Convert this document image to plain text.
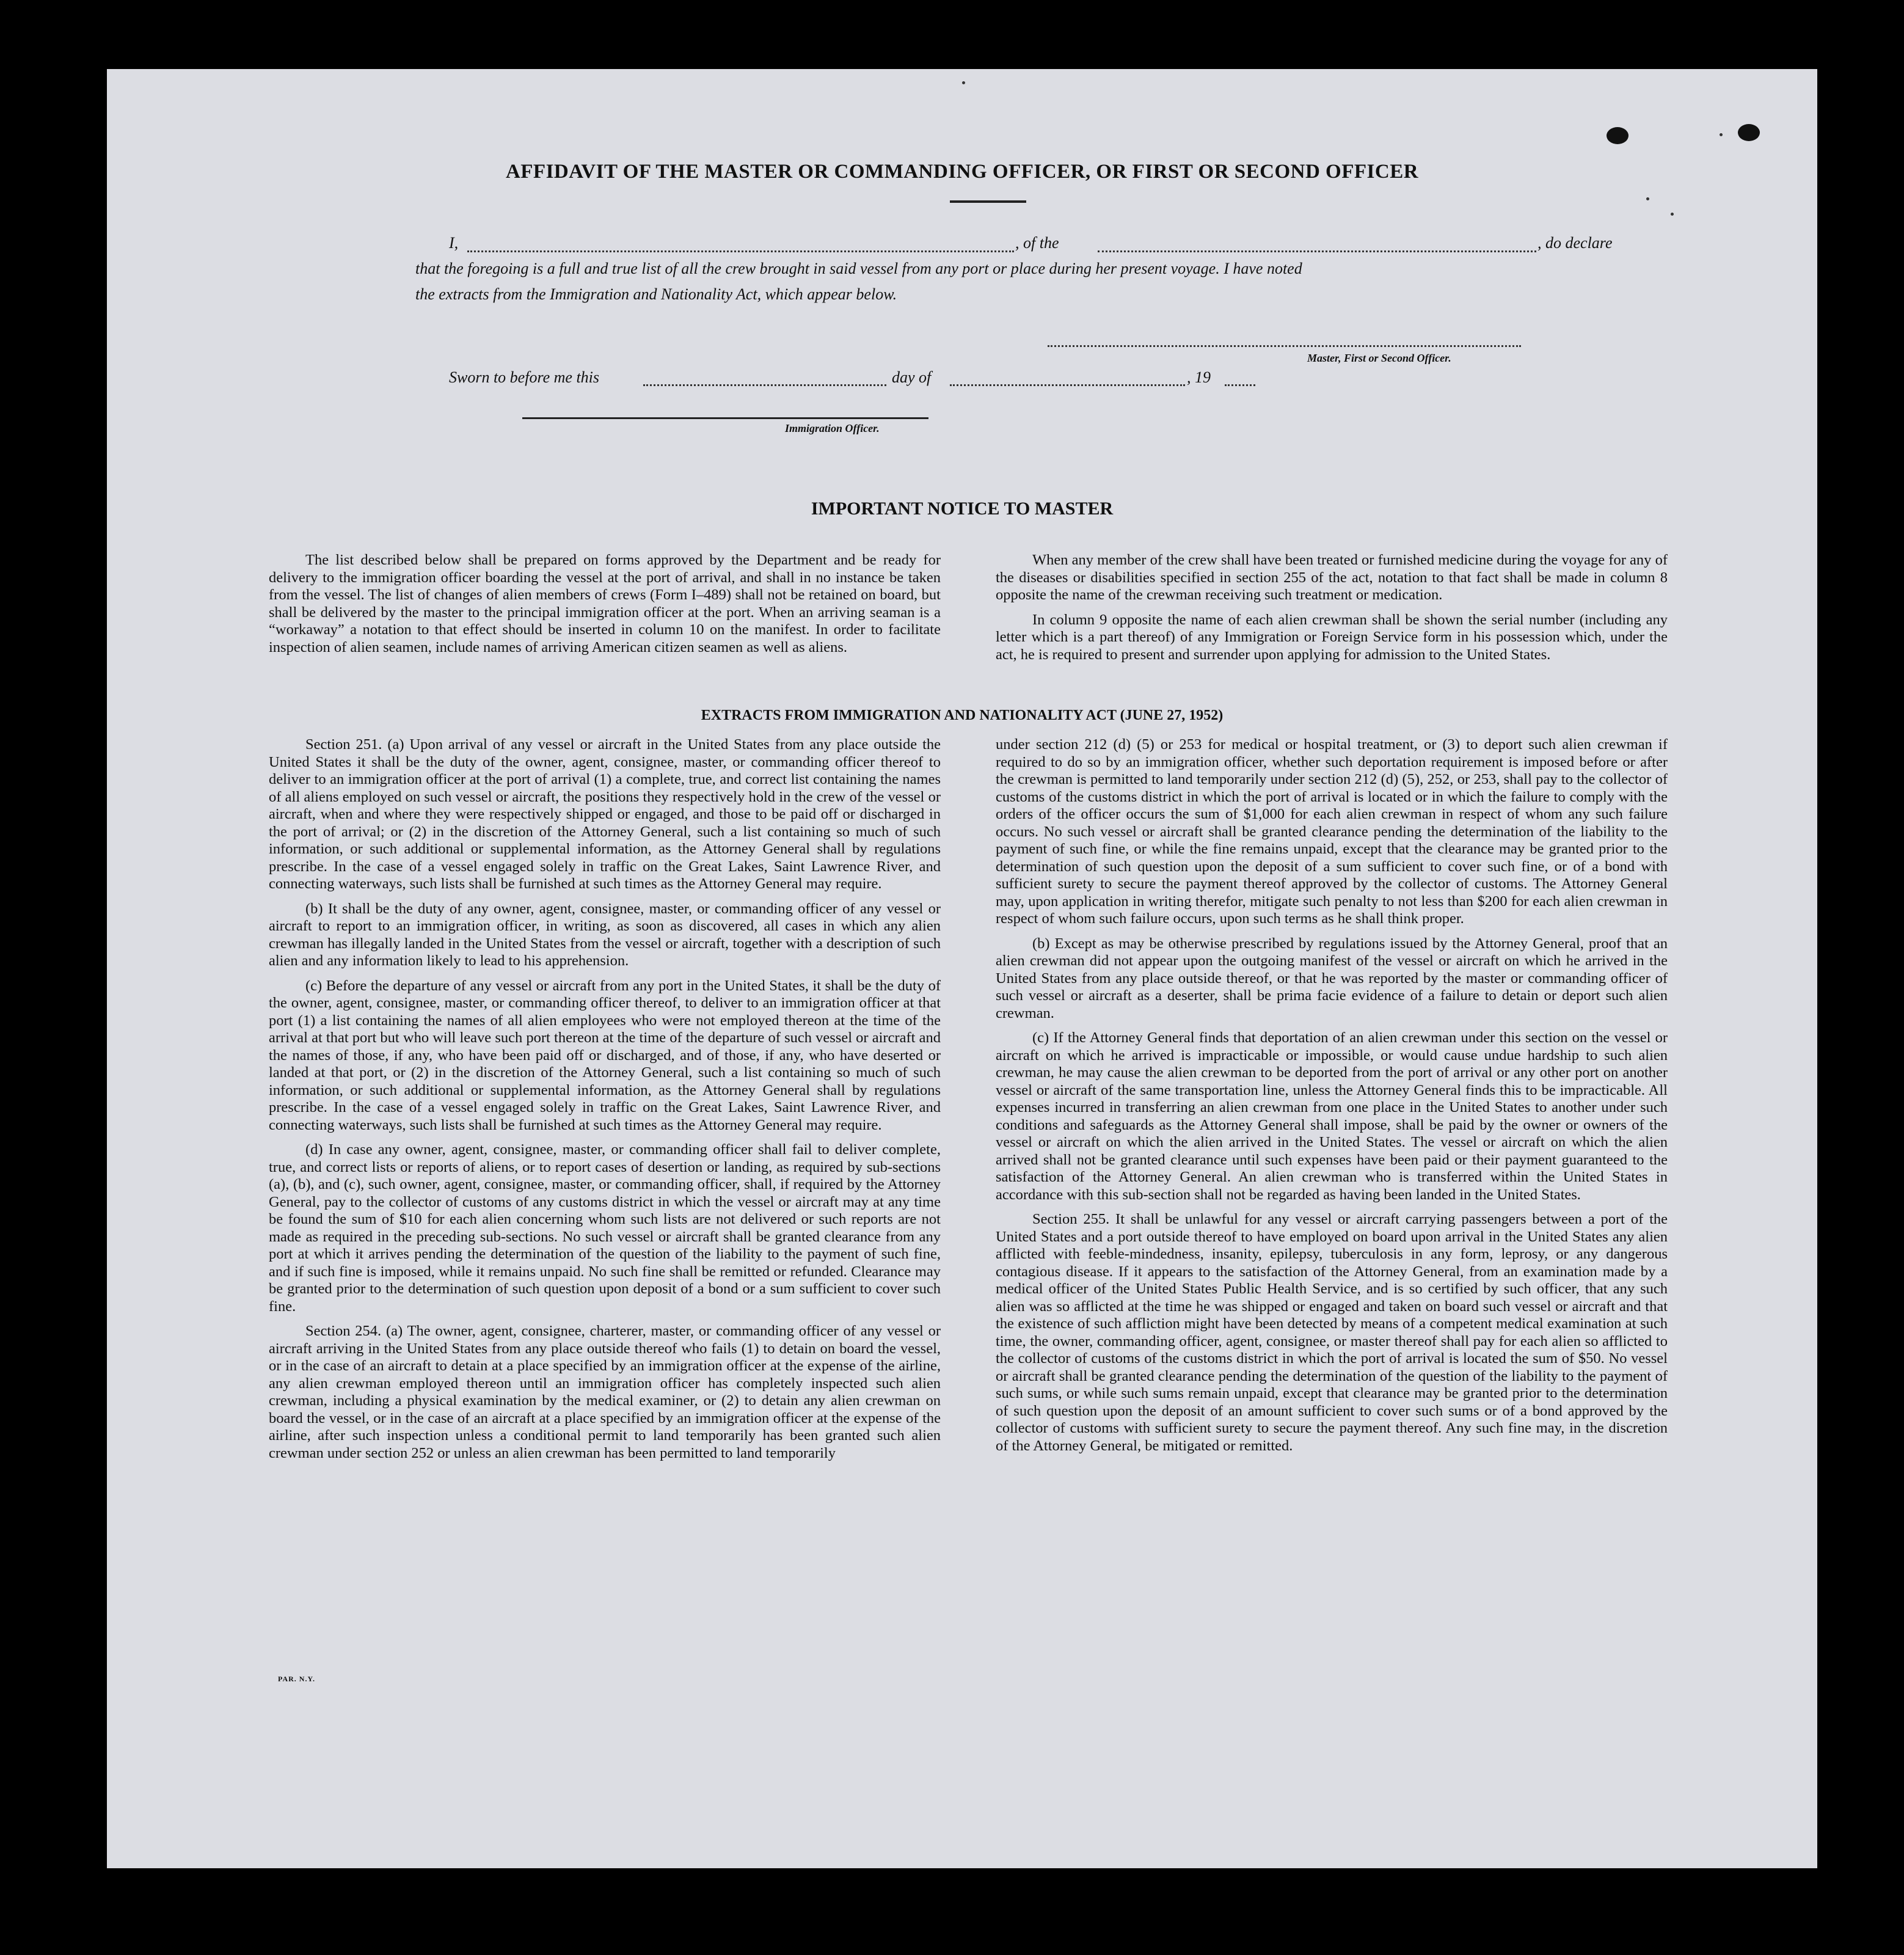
AFFIDAVIT OF THE MASTER OR COMMANDING OFFICER, OR FIRST OR SECOND OFFICER
I,	, of the	, do declare
that the foregoing is a full and true list of all the crew brought in said vessel from any port or place during her present voyage. I have noted
the extracts from the Immigration and Nationality Act, which appear below.
Master, First or Second Officer.
Sworn to before me this	day of	, 19
Immigration Officer.
IMPORTANT NOTICE TO MASTER

The list described below shall be prepared on forms approved by the Department and be ready for delivery to the immigration officer boarding the vessel at the port of arrival, and shall in no instance be taken from the vessel. The list of changes of alien members of crews (Form I–489) shall not be retained on board, but shall be delivered by the master to the principal immigration officer at the port. When an arriving seaman is a “workaway” a notation to that effect should be inserted in column 10 on the manifest. In order to facilitate inspection of alien seamen, include names of arriving American citizen seamen as well as aliens.

When any member of the crew shall have been treated or furnished medicine during the voyage for any of the diseases or disabilities specified in section 255 of the act, notation to that fact shall be made in column 8 opposite the name of the crewman receiving such treatment or medication.

In column 9 opposite the name of each alien crewman shall be shown the serial number (including any letter which is a part thereof) of any Immigration or Foreign Service form in his possession which, under the act, he is required to present and surrender upon applying for admission to the United States.

EXTRACTS FROM IMMIGRATION AND NATIONALITY ACT (JUNE 27, 1952)

Section 251. (a) Upon arrival of any vessel or aircraft in the United States from any place outside the United States it shall be the duty of the owner, agent, consignee, master, or commanding officer thereof to deliver to an immigration officer at the port of arrival (1) a complete, true, and correct list containing the names of all aliens employed on such vessel or aircraft, the positions they respectively hold in the crew of the vessel or aircraft, when and where they were respectively shipped or engaged, and those to be paid off or discharged in the port of arrival; or (2) in the discretion of the Attorney General, such a list containing so much of such information, or such additional or supplemental information, as the Attorney General shall by regulations prescribe. In the case of a vessel engaged solely in traffic on the Great Lakes, Saint Lawrence River, and connecting waterways, such lists shall be furnished at such times as the Attorney General may require.

(b) It shall be the duty of any owner, agent, consignee, master, or commanding officer of any vessel or aircraft to report to an immigration officer, in writing, as soon as discovered, all cases in which any alien crewman has illegally landed in the United States from the vessel or aircraft, together with a description of such alien and any information likely to lead to his apprehension.

(c) Before the departure of any vessel or aircraft from any port in the United States, it shall be the duty of the owner, agent, consignee, master, or commanding officer thereof, to deliver to an immigration officer at that port (1) a list containing the names of all alien employees who were not employed thereon at the time of the arrival at that port but who will leave such port thereon at the time of the departure of such vessel or aircraft and the names of those, if any, who have been paid off or discharged, and of those, if any, who have deserted or landed at that port, or (2) in the discretion of the Attorney General, such a list containing so much of such information, or such additional or supplemental information, as the Attorney General shall by regulations prescribe. In the case of a vessel engaged solely in traffic on the Great Lakes, Saint Lawrence River, and connecting waterways, such lists shall be furnished at such times as the Attorney General may require.

(d) In case any owner, agent, consignee, master, or commanding officer shall fail to deliver complete, true, and correct lists or reports of aliens, or to report cases of desertion or landing, as required by sub-sections (a), (b), and (c), such owner, agent, consignee, master, or commanding officer, shall, if required by the Attorney General, pay to the collector of customs of any customs district in which the vessel or aircraft may at any time be found the sum of $10 for each alien concerning whom such lists are not delivered or such reports are not made as required in the preceding sub-sections. No such vessel or aircraft shall be granted clearance from any port at which it arrives pending the determination of the question of the liability to the payment of such fine, and if such fine is imposed, while it remains unpaid. No such fine shall be remitted or refunded. Clearance may be granted prior to the determination of such question upon deposit of a bond or a sum sufficient to cover such fine.

Section 254. (a) The owner, agent, consignee, charterer, master, or commanding officer of any vessel or aircraft arriving in the United States from any place outside thereof who fails (1) to detain on board the vessel, or in the case of an aircraft to detain at a place specified by an immigration officer at the expense of the airline, any alien crewman employed thereon until an immigration officer has completely inspected such alien crewman, including a physical examination by the medical examiner, or (2) to detain any alien crewman on board the vessel, or in the case of an aircraft at a place specified by an immigration officer at the expense of the airline, after such inspection unless a conditional permit to land temporarily has been granted such alien crewman under section 252 or unless an alien crewman has been permitted to land temporarily

under section 212 (d) (5) or 253 for medical or hospital treatment, or (3) to deport such alien crewman if required to do so by an immigration officer, whether such deportation requirement is imposed before or after the crewman is permitted to land temporarily under section 212 (d) (5), 252, or 253, shall pay to the collector of customs of the customs district in which the port of arrival is located or in which the failure to comply with the orders of the officer occurs the sum of $1,000 for each alien crewman in respect of whom any such failure occurs. No such vessel or aircraft shall be granted clearance pending the determination of the liability to the payment of such fine, or while the fine remains unpaid, except that the clearance may be granted prior to the determination of such question upon the deposit of a sum sufficient to cover such fine, or of a bond with sufficient surety to secure the payment thereof approved by the collector of customs. The Attorney General may, upon application in writing therefor, mitigate such penalty to not less than $200 for each alien crewman in respect of whom such failure occurs, upon such terms as he shall think proper.

(b) Except as may be otherwise prescribed by regulations issued by the Attorney General, proof that an alien crewman did not appear upon the outgoing manifest of the vessel or aircraft on which he arrived in the United States from any place outside thereof, or that he was reported by the master or commanding officer of such vessel or aircraft as a deserter, shall be prima facie evidence of a failure to detain or deport such alien crewman.

(c) If the Attorney General finds that deportation of an alien crewman under this section on the vessel or aircraft on which he arrived is impracticable or impossible, or would cause undue hardship to such alien crewman, he may cause the alien crewman to be deported from the port of arrival or any other port on another vessel or aircraft of the same transportation line, unless the Attorney General finds this to be impracticable. All expenses incurred in transferring an alien crewman from one place in the United States to another under such conditions and safeguards as the Attorney General shall impose, shall be paid by the owner or owners of the vessel or aircraft on which the alien arrived in the United States. The vessel or aircraft on which the alien arrived shall not be granted clearance until such expenses have been paid or their payment guaranteed to the satisfaction of the Attorney General. An alien crewman who is transferred within the United States in accordance with this sub-section shall not be regarded as having been landed in the United States.

Section 255. It shall be unlawful for any vessel or aircraft carrying passengers between a port of the United States and a port outside thereof to have employed on board upon arrival in the United States any alien afflicted with feeble-mindedness, insanity, epilepsy, tuberculosis in any form, leprosy, or any dangerous contagious disease. If it appears to the satisfaction of the Attorney General, from an examination made by a medical officer of the United States Public Health Service, and is so certified by such officer, that any such alien was so afflicted at the time he was shipped or engaged and taken on board such vessel or aircraft and that the existence of such affliction might have been detected by means of a competent medical examination at such time, the owner, commanding officer, agent, consignee, or master thereof shall pay for each alien so afflicted to the collector of customs of the customs district in which the port of arrival is located the sum of $50. No vessel or aircraft shall be granted clearance pending the determination of the question of the liability to the payment of such sums, or while such sums remain unpaid, except that clearance may be granted prior to the determination of such question upon the deposit of an amount sufficient to cover such sums or of a bond approved by the collector of customs with sufficient surety to secure the payment thereof. Any such fine may, in the discretion of the Attorney General, be mitigated or remitted.

PAR. N.Y.
